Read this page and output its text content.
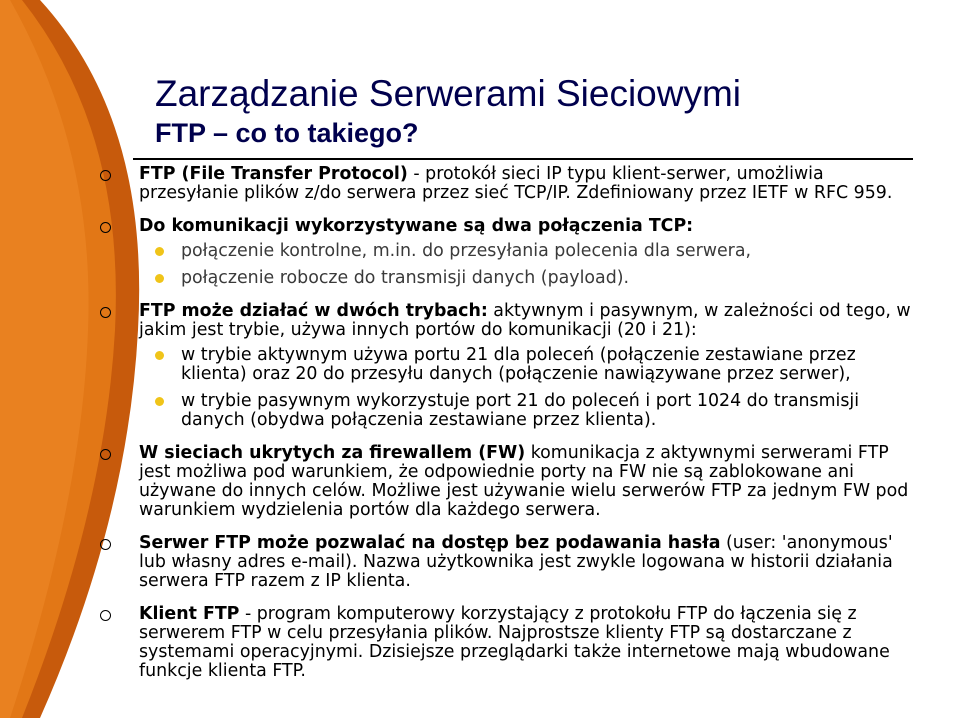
Zarządzanie Serwerami Sieciowymi
FTP – co to takiego?
FTP (File Transfer Protocol) - protokół sieci IP typu klient-serwer, umożliwia przesyłanie plików z/do serwera przez sieć TCP/IP. Zdefiniowany przez IETF w RFC 959.
Do komunikacji wykorzystywane są dwa połączenia TCP:
połączenie kontrolne, m.in. do przesyłania polecenia dla serwera,
połączenie robocze do transmisji danych (payload).
FTP może działać w dwóch trybach: aktywnym i pasywnym, w zależności od tego, w jakim jest trybie, używa innych portów do komunikacji (20 i 21):
w trybie aktywnym używa portu 21 dla poleceń (połączenie zestawiane przez klienta) oraz 20 do przesyłu danych (połączenie nawiązywane przez serwer),
w trybie pasywnym wykorzystuje port 21 do poleceń i port 1024 do transmisji danych (obydwa połączenia zestawiane przez klienta).
W sieciach ukrytych za firewallem (FW) komunikacja z aktywnymi serwerami FTP jest możliwa pod warunkiem, że odpowiednie porty na FW nie są zablokowane ani używane do innych celów. Możliwe jest używanie wielu serwerów FTP za jednym FW pod warunkiem wydzielenia portów dla każdego serwera.
Serwer FTP może pozwalać na dostęp bez podawania hasła (user: 'anonymous' lub własny adres e-mail). Nazwa użytkownika jest zwykle logowana w historii działania serwera FTP razem z IP klienta.
Klient FTP - program komputerowy korzystający z protokołu FTP do łączenia się z serwerem FTP w celu przesyłania plików. Najprostsze klienty FTP są dostarczane z systemami operacyjnymi. Dzisiejsze przeglądarki także internetowe mają wbudowane funkcje klienta FTP.
